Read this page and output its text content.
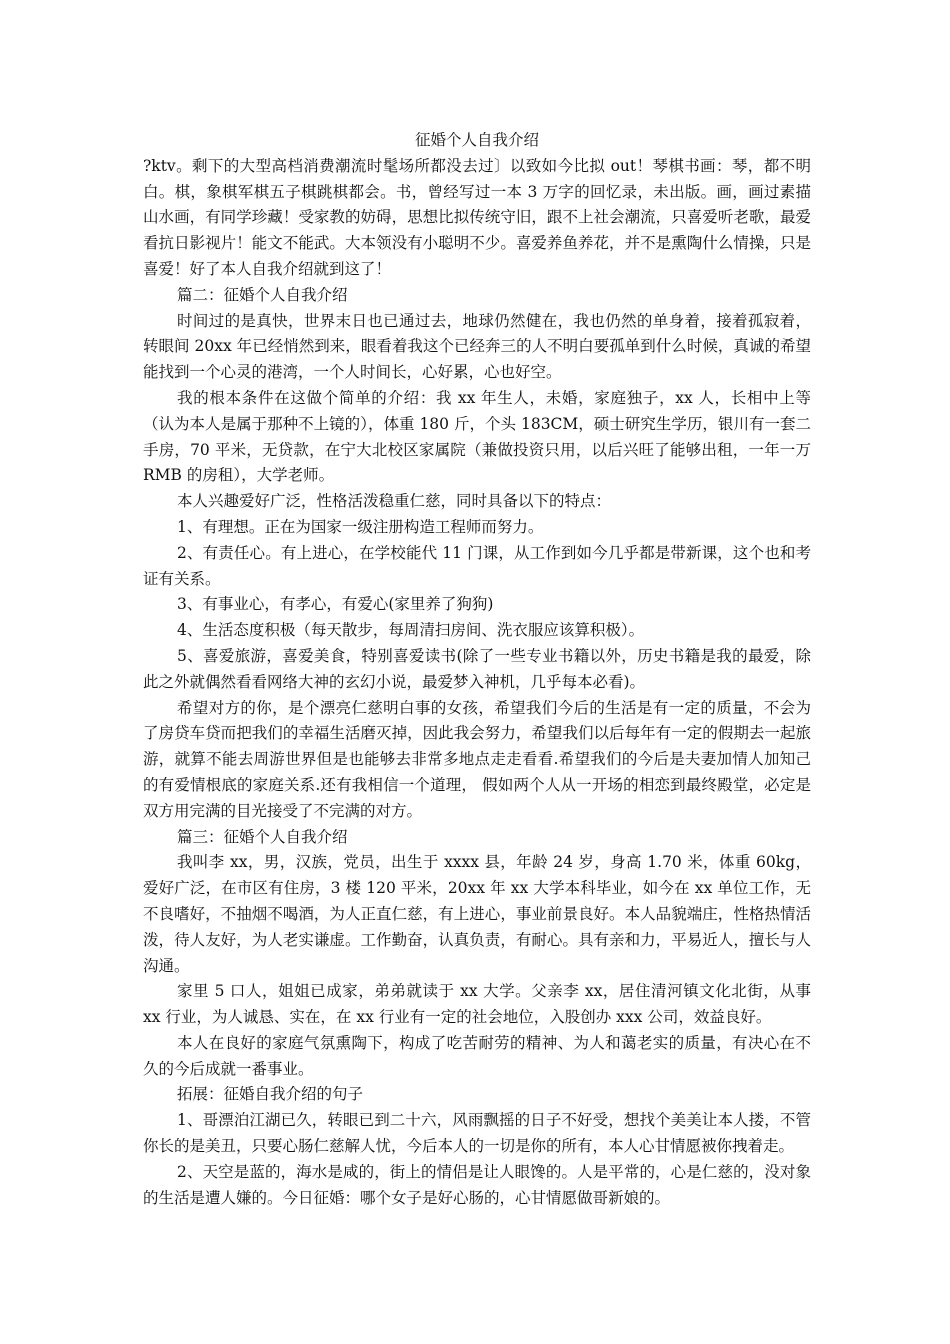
征婚个人自我介绍
?ktv。剩下的大型高档消费潮流时髦场所都没去过〕以致如今比拟 out！琴棋书画：琴，都不明白。棋，象棋军棋五子棋跳棋都会。书，曾经写过一本 3 万字的回忆录，未出版。画，画过素描山水画，有同学珍藏！受家教的妨碍，思想比拟传统守旧，跟不上社会潮流，只喜爱听老歌，最爱看抗日影视片！能文不能武。大本领没有小聪明不少。喜爱养鱼养花，并不是熏陶什么情操，只是喜爱！好了本人自我介绍就到这了！
篇二：征婚个人自我介绍
时间过的是真快，世界末日也已通过去，地球仍然健在，我也仍然的单身着，接着孤寂着，转眼间 20xx 年已经悄然到来，眼看着我这个已经奔三的人不明白要孤单到什么时候，真诚的希望能找到一个心灵的港湾，一个人时间长，心好累，心也好空。
我的根本条件在这做个简单的介绍：我 xx 年生人，未婚，家庭独子，xx 人，长相中上等（认为本人是属于那种不上镜的），体重 180 斤，个头 183CM，硕士研究生学历，银川有一套二手房，70 平米，无贷款，在宁大北校区家属院（兼做投资只用，以后兴旺了能够出租，一年一万 RMB 的房租），大学老师。
本人兴趣爱好广泛，性格活泼稳重仁慈，同时具备以下的特点：
1、有理想。正在为国家一级注册构造工程师而努力。
2、有责任心。有上进心，在学校能代 11 门课，从工作到如今几乎都是带新课，这个也和考证有关系。
3、有事业心，有孝心，有爱心(家里养了狗狗)
4、生活态度积极（每天散步，每周清扫房间、洗衣服应该算积极）。
5、喜爱旅游，喜爱美食，特别喜爱读书(除了一些专业书籍以外，历史书籍是我的最爱，除此之外就偶然看看网络大神的玄幻小说，最爱梦入神机，几乎每本必看)。
希望对方的你，是个漂亮仁慈明白事的女孩，希望我们今后的生活是有一定的质量，不会为了房贷车贷而把我们的幸福生活磨灭掉，因此我会努力，希望我们以后每年有一定的假期去一起旅游，就算不能去周游世界但是也能够去非常多地点走走看看.希望我们的今后是夫妻加情人加知己的有爱情根底的家庭关系.还有我相信一个道理， 假如两个人从一开场的相恋到最终殿堂，必定是双方用完满的目光接受了不完满的对方。
篇三：征婚个人自我介绍
我叫李 xx，男，汉族，党员，出生于 xxxx 县，年龄 24 岁，身高 1.70 米，体重 60kg，爱好广泛，在市区有住房，3 楼 120 平米，20xx 年 xx 大学本科毕业，如今在 xx 单位工作，无不良嗜好，不抽烟不喝酒，为人正直仁慈，有上进心，事业前景良好。本人品貌端庄，性格热情活泼，待人友好，为人老实谦虚。工作勤奋，认真负责，有耐心。具有亲和力，平易近人，擅长与人沟通。
家里 5 口人，姐姐已成家，弟弟就读于 xx 大学。父亲李 xx，居住清河镇文化北街，从事 xx 行业，为人诚恳、实在，在 xx 行业有一定的社会地位，入股创办 xxx 公司，效益良好。
本人在良好的家庭气氛熏陶下，构成了吃苦耐劳的精神、为人和蔼老实的质量，有决心在不久的今后成就一番事业。
拓展：征婚自我介绍的句子
1、哥漂泊江湖已久，转眼已到二十六，风雨飘摇的日子不好受，想找个美美让本人搂，不管你长的是美丑，只要心肠仁慈解人忧，今后本人的一切是你的所有，本人心甘情愿被你拽着走。
2、天空是蓝的，海水是咸的，街上的情侣是让人眼馋的。人是平常的，心是仁慈的，没对象的生活是遭人嫌的。今日征婚：哪个女子是好心肠的，心甘情愿做哥新娘的。
